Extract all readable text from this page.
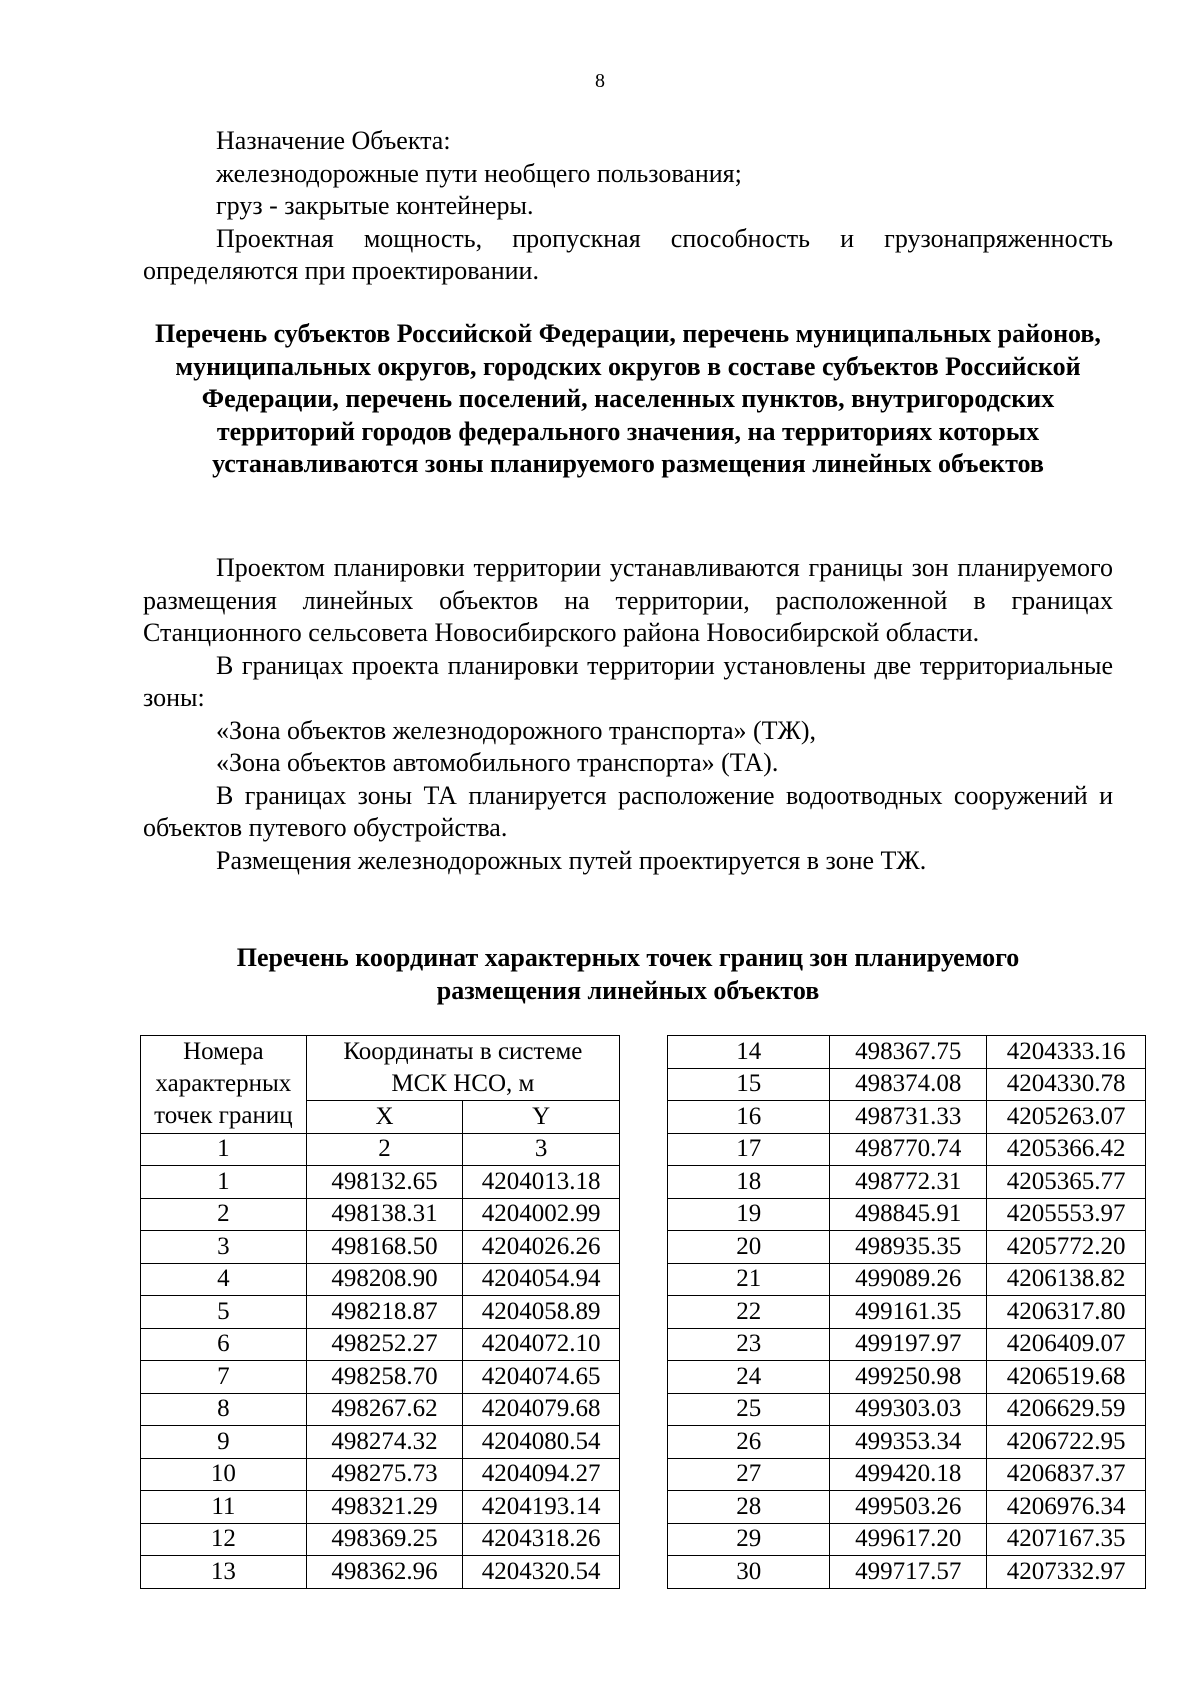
8

Назначение Объекта:

железнодорожные пути необщего пользования;

груз - закрытые контейнеры.

Проектная мощность, пропускная способность и грузонапряженность определяются при проектировании.

Перечень субъектов Российской Федерации, перечень муниципальных районов, муниципальных округов, городских округов в составе субъектов Российской Федерации, перечень поселений, населенных пунктов, внутригородских территорий городов федерального значения, на территориях которых устанавливаются зоны планируемого размещения линейных объектов

Проектом планировки территории устанавливаются границы зон планируемого размещения линейных объектов на территории, расположенной в границах Станционного сельсовета Новосибирского района Новосибирской области.

В границах проекта планировки территории установлены две территориальные зоны:

«Зона объектов железнодорожного транспорта» (ТЖ),

«Зона объектов автомобильного транспорта» (ТА).

В границах зоны ТА планируется расположение водоотводных сооружений и объектов путевого обустройства.

Размещения железнодорожных путей проектируется в зоне ТЖ.

Перечень координат характерных точек границ зон планируемого размещения линейных объектов
Номера характерных точек границ	Координаты в системе МСК НСО, м	

	X	Y
1	2	3
1	498132.65	4204013.18
2	498138.31	4204002.99
3	498168.50	4204026.26
4	498208.90	4204054.94
5	498218.87	4204058.89
6	498252.27	4204072.10
7	498258.70	4204074.65
8	498267.62	4204079.68
9	498274.32	4204080.54
10	498275.73	4204094.27
11	498321.29	4204193.14
12	498369.25	4204318.26
13	498362.96	4204320.54
14	498367.75	4204333.16
15	498374.08	4204330.78
16	498731.33	4205263.07
17	498770.74	4205366.42
18	498772.31	4205365.77
19	498845.91	4205553.97
20	498935.35	4205772.20
21	499089.26	4206138.82
22	499161.35	4206317.80
23	499197.97	4206409.07
24	499250.98	4206519.68
25	499303.03	4206629.59
26	499353.34	4206722.95
27	499420.18	4206837.37
28	499503.26	4206976.34
29	499617.20	4207167.35
30	499717.57	4207332.97
